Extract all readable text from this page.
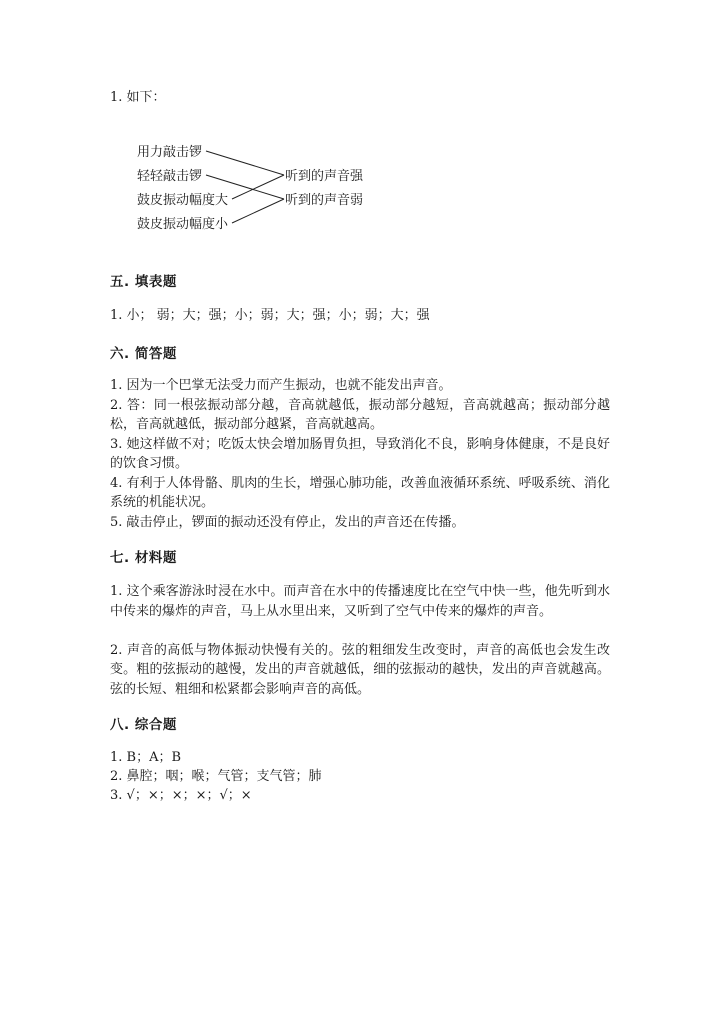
1. 如下：
用力敲击锣
轻轻敲击锣
鼓皮振动幅度大
鼓皮振动幅度小
听到的声音强
听到的声音弱
五. 填表题
1. 小； 弱；大；强；小；弱；大；强；小；弱；大；强
六. 简答题
1. 因为一个巴掌无法受力而产生振动，也就不能发出声音。
2. 答：同一根弦振动部分越，音高就越低，振动部分越短，音高就越高；振动部分越松，音高就越低，振动部分越紧，音高就越高。
3. 她这样做不对；吃饭太快会增加肠胃负担，导致消化不良，影响身体健康，不是良好的饮食习惯。
4. 有利于人体骨骼、肌肉的生长，增强心肺功能，改善血液循环系统、呼吸系统、消化系统的机能状况。
5. 敲击停止，锣面的振动还没有停止，发出的声音还在传播。
七. 材料题
1. 这个乘客游泳时浸在水中。而声音在水中的传播速度比在空气中快一些，他先听到水中传来的爆炸的声音，马上从水里出来，又听到了空气中传来的爆炸的声音。
2. 声音的高低与物体振动快慢有关的。弦的粗细发生改变时，声音的高低也会发生改变。粗的弦振动的越慢，发出的声音就越低，细的弦振动的越快，发出的声音就越高。弦的长短、粗细和松紧都会影响声音的高低。
八. 综合题
1. B；A；B
2. 鼻腔；咽；喉；气管；支气管；肺
3. √；×；×；×；√；×
